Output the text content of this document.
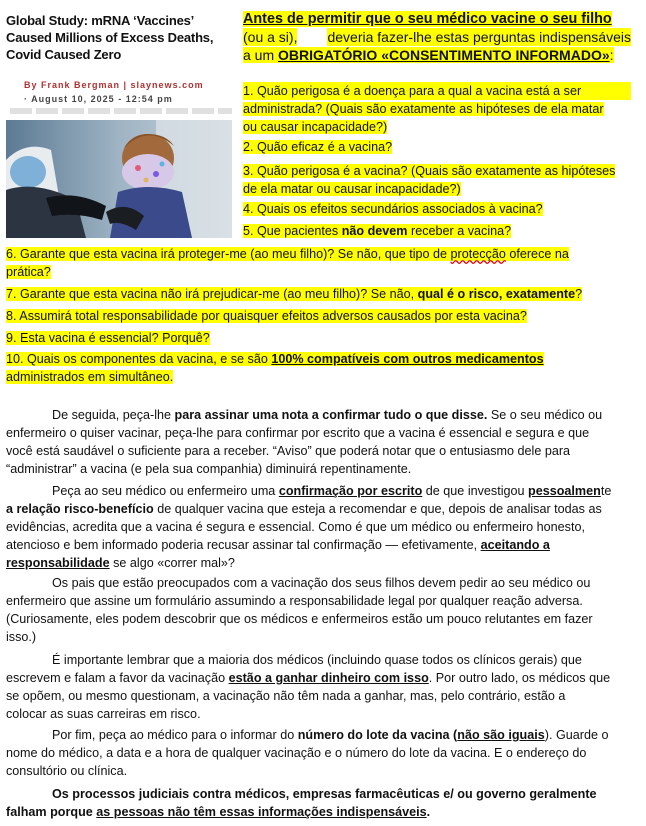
Global Study: mRNA ‘Vaccines’
Caused Millions of Excess Deaths,
Covid Caused Zero
By Frank Bergman | slaynews.com
· August 10, 2025 - 12:54 pm
Antes de permitir que o seu médico vacine o seu filho
(ou a si), deveria fazer-lhe estas perguntas indispensáveis
a um OBRIGATÓRIO «CONSENTIMENTO INFORMADO»:
1. Quão perigosa é a doença para a qual a vacina está a ser
administrada? (Quais são exatamente as hipóteses de ela matar
ou causar incapacidade?)
2. Quão eficaz é a vacina?
3. Quão perigosa é a vacina? (Quais são exatamente as hipóteses
de ela matar ou causar incapacidade?)
4. Quais os efeitos secundários associados à vacina?
5. Que pacientes não devem receber a vacina?
6. Garante que esta vacina irá proteger-me (ao meu filho)? Se não, que tipo de protecção oferece na
prática?
7. Garante que esta vacina não irá prejudicar-me (ao meu filho)? Se não, qual é o risco, exatamente?
8. Assumirá total responsabilidade por quaisquer efeitos adversos causados por esta vacina?
9. Esta vacina é essencial? Porquê?
10. Quais os componentes da vacina, e se são 100% compatíveis com outros medicamentos
administrados em simultâneo.
De seguida, peça-lhe para assinar uma nota a confirmar tudo o que disse. Se o seu médico ou
enfermeiro o quiser vacinar, peça-lhe para confirmar por escrito que a vacina é essencial e segura e que
você está saudável o suficiente para a receber. “Aviso” que poderá notar que o entusiasmo dele para
“administrar” a vacina (e pela sua companhia) diminuirá repentinamente.
Peça ao seu médico ou enfermeiro uma confirmação por escrito de que investigou pessoalmente
a relação risco-benefício de qualquer vacina que esteja a recomendar e que, depois de analisar todas as
evidências, acredita que a vacina é segura e essencial. Como é que um médico ou enfermeiro honesto,
atencioso e bem informado poderia recusar assinar tal confirmação — efetivamente, aceitando a
responsabilidade se algo «correr mal»?
Os pais que estão preocupados com a vacinação dos seus filhos devem pedir ao seu médico ou
enfermeiro que assine um formulário assumindo a responsabilidade legal por qualquer reação adversa.
(Curiosamente, eles podem descobrir que os médicos e enfermeiros estão um pouco relutantes em fazer
isso.)
É importante lembrar que a maioria dos médicos (incluindo quase todos os clínicos gerais) que
escrevem e falam a favor da vacinação estão a ganhar dinheiro com isso. Por outro lado, os médicos que
se opõem, ou mesmo questionam, a vacinação não têm nada a ganhar, mas, pelo contrário, estão a
colocar as suas carreiras em risco.
Por fim, peça ao médico para o informar do número do lote da vacina (não são iguais). Guarde o
nome do médico, a data e a hora de qualquer vacinação e o número do lote da vacina. E o endereço do
consultório ou clínica.
Os processos judiciais contra médicos, empresas farmacêuticas e/ ou governo geralmente
falham porque as pessoas não têm essas informações indispensáveis.
